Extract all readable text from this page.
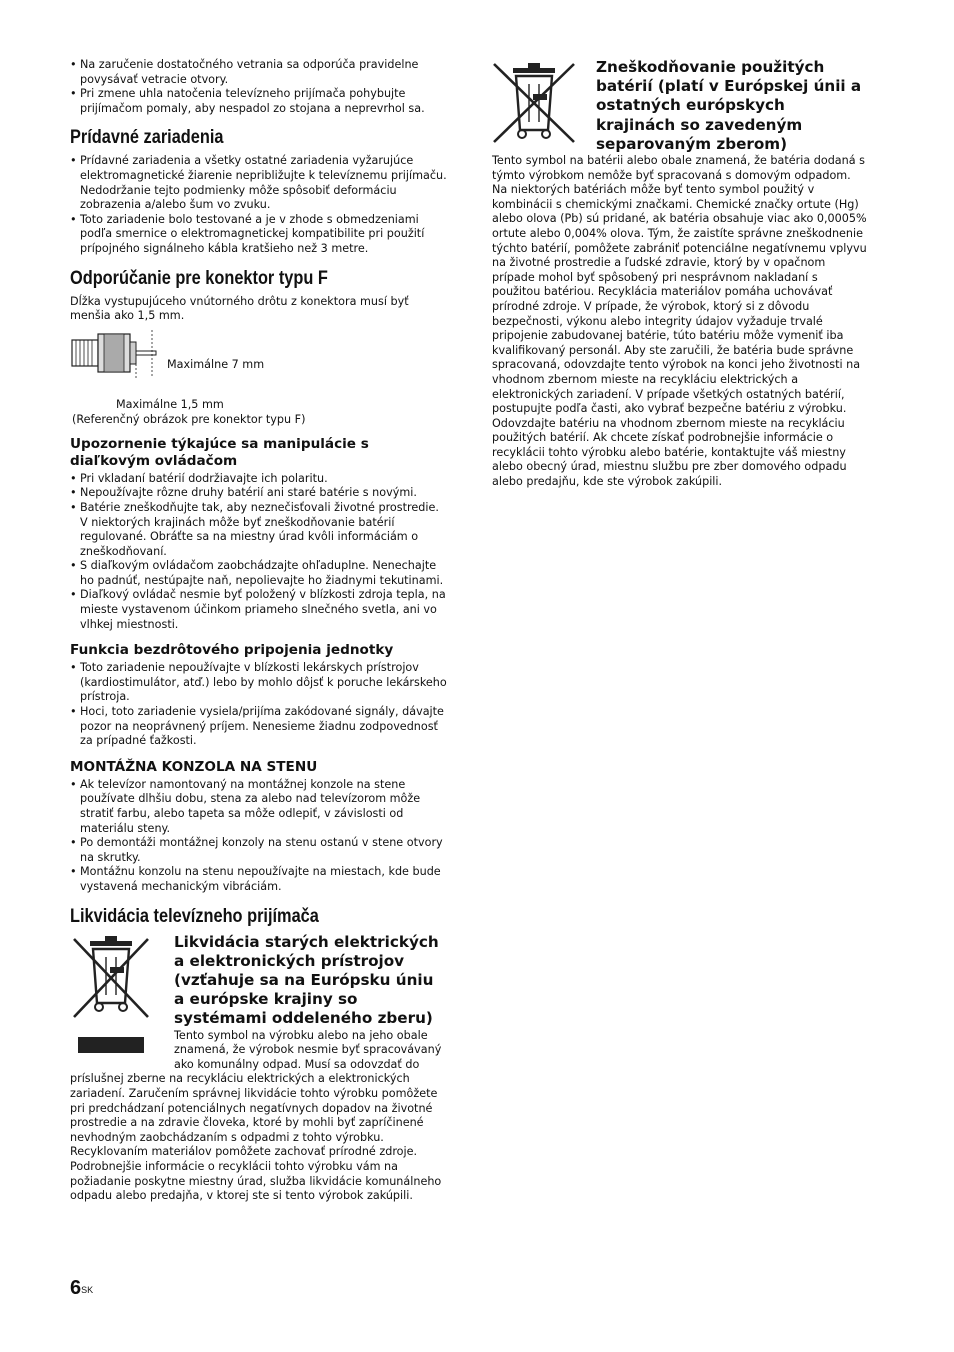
• Na zaručenie dostatočného vetrania sa odporúča pravidelne povysávať vetracie otvory.
• Pri zmene uhla natočenia televízneho prijímača pohybujte prijímačom pomaly, aby nespadol zo stojana a neprevrhol sa.
Prídavné zariadenia
• Prídavné zariadenia a všetky ostatné zariadenia vyžarujúce elektromagnetické žiarenie nepribližujte k televíznemu prijímaču. Nedodržanie tejto podmienky môže spôsobiť deformáciu zobrazenia a/alebo šum vo zvuku.
• Toto zariadenie bolo testované a je v zhode s obmedzeniami podľa smernice o elektromagnetickej kompatibilite pri použití prípojného signálneho kábla kratšieho než 3 metre.
Odporúčanie pre konektor typu F

Dĺžka vystupujúceho vnútorného drôtu z konektora musí byť menšia ako 1,5 mm.

Maximálne 7 mm
Maximálne 1,5 mm
(Referenčný obrázok pre konektor typu F)
Upozornenie týkajúce sa manipulácie s diaľkovým ovládačom
• Pri vkladaní batérií dodržiavajte ich polaritu.
• Nepoužívajte rôzne druhy batérií ani staré batérie s novými.
• Batérie zneškodňujte tak, aby neznečisťovali životné prostredie. V niektorých krajinách môže byť zneškodňovanie batérií regulované. Obráťte sa na miestny úrad kvôli informáciám o zneškodňovaní.
• S diaľkovým ovládačom zaobchádzajte ohľaduplne. Nenechajte ho padnúť, nestúpajte naň, nepolievajte ho žiadnymi tekutinami.
• Diaľkový ovládač nesmie byť položený v blízkosti zdroja tepla, na mieste vystavenom účinkom priameho slnečného svetla, ani vo vlhkej miestnosti.
Funkcia bezdrôtového pripojenia jednotky
• Toto zariadenie nepoužívajte v blízkosti lekárskych prístrojov (kardiostimulátor, atď.) lebo by mohlo dôjsť k poruche lekárskeho prístroja.
• Hoci, toto zariadenie vysiela/prijíma zakódované signály, dávajte pozor na neoprávnený príjem. Nenesieme žiadnu zodpovednosť za prípadné ťažkosti.
MONTÁŽNA KONZOLA NA STENU
• Ak televízor namontovaný na montážnej konzole na stene používate dlhšiu dobu, stena za alebo nad televízorom môže stratiť farbu, alebo tapeta sa môže odlepiť, v závislosti od materiálu steny.
• Po demontáži montážnej konzoly na stenu ostanú v stene otvory na skrutky.
• Montážnu konzolu na stenu nepoužívajte na miestach, kde bude vystavená mechanickým vibráciám.
Likvidácia televízneho prijímača
Likvidácia starých elektrických a elektronických prístrojov (vzťahuje sa na Európsku úniu a európske krajiny so systémami oddeleného zberu)

Tento symbol na výrobku alebo na jeho obale znamená, že výrobok nesmie byť spracovávaný ako komunálny odpad. Musí sa odovzdať do príslušnej zberne na recykláciu elektrických a elektronických zariadení. Zaručením správnej likvidácie tohto výrobku pomôžete pri predchádzaní potenciálnych negatívnych dopadov na životné prostredie a na zdravie človeka, ktoré by mohli byť zapríčinené nevhodným zaobchádzaním s odpadmi z tohto výrobku. Recyklovaním materiálov pomôžete zachovať prírodné zdroje. Podrobnejšie informácie o recyklácii tohto výrobku vám na požiadanie poskytne miestny úrad, služba likvidácie komunálneho odpadu alebo predajňa, v ktorej ste si tento výrobok zakúpili.

Zneškodňovanie použitých batérií (platí v Európskej únii a ostatných európskych krajinách so zavedeným separovaným zberom)

Tento symbol na batérii alebo obale znamená, že batéria dodaná s týmto výrobkom nemôže byť spracovaná s domovým odpadom. Na niektorých batériách môže byť tento symbol použitý v kombinácii s chemickými značkami. Chemické značky ortute (Hg) alebo olova (Pb) sú pridané, ak batéria obsahuje viac ako 0,0005% ortute alebo 0,004% olova. Tým, že zaistíte správne zneškodnenie týchto batérií, pomôžete zabrániť potenciálne negatívnemu vplyvu na životné prostredie a ľudské zdravie, ktorý by v opačnom prípade mohol byť spôsobený pri nesprávnom nakladaní s použitou batériou. Recyklácia materiálov pomáha uchovávať prírodné zdroje. V prípade, že výrobok, ktorý si z dôvodu bezpečnosti, výkonu alebo integrity údajov vyžaduje trvalé pripojenie zabudovanej batérie, túto batériu môže vymeniť iba kvalifikovaný personál. Aby ste zaručili, že batéria bude správne spracovaná, odovzdajte tento výrobok na konci jeho životnosti na vhodnom zbernom mieste na recykláciu elektrických a elektronických zariadení. V prípade všetkých ostatných batérií, postupujte podľa časti, ako vybrať bezpečne batériu z výrobku. Odovzdajte batériu na vhodnom zbernom mieste na recykláciu použitých batérií. Ak chcete získať podrobnejšie informácie o recyklácii tohto výrobku alebo batérie, kontaktujte váš miestny alebo obecný úrad, miestnu službu pre zber domového odpadu alebo predajňu, kde ste výrobok zakúpili.

$6^{SK}$
